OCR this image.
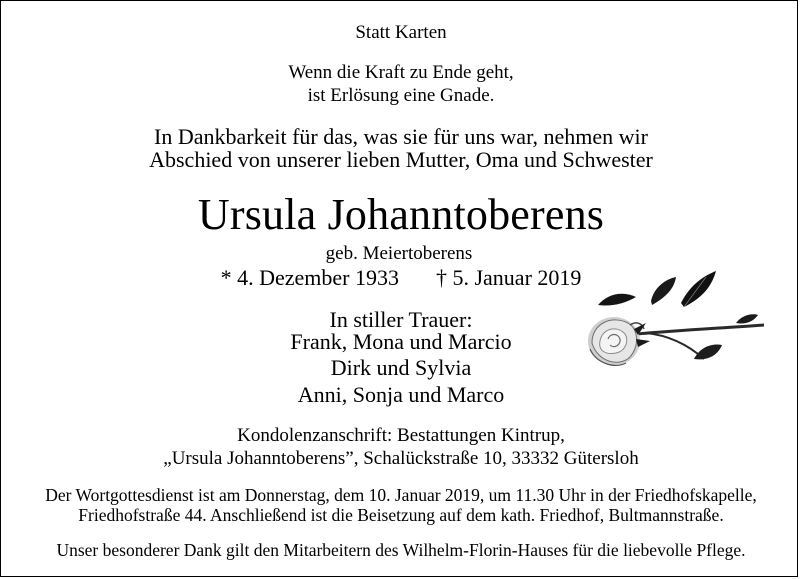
Statt Karten
Wenn die Kraft zu Ende geht,
ist Erlösung eine Gnade.
In Dankbarkeit für das, was sie für uns war, nehmen wir
Abschied von unserer lieben Mutter, Oma und Schwester
Ursula Johanntoberens
geb. Meiertoberens
* 4. Dezember 1933 † 5. Januar 2019
In stiller Trauer:
Frank, Mona und Marcio
Dirk und Sylvia
Anni, Sonja und Marco
Kondolenzanschrift: Bestattungen Kintrup,
„Ursula Johanntoberens”, Schalückstraße 10, 33332 Gütersloh
Der Wortgottesdienst ist am Donnerstag, dem 10. Januar 2019, um 11.30 Uhr in der Friedhofskapelle,
Friedhofstraße 44. Anschließend ist die Beisetzung auf dem kath. Friedhof, Bultmannstraße.
Unser besonderer Dank gilt den Mitarbeitern des Wilhelm-Florin-Hauses für die liebevolle Pflege.
